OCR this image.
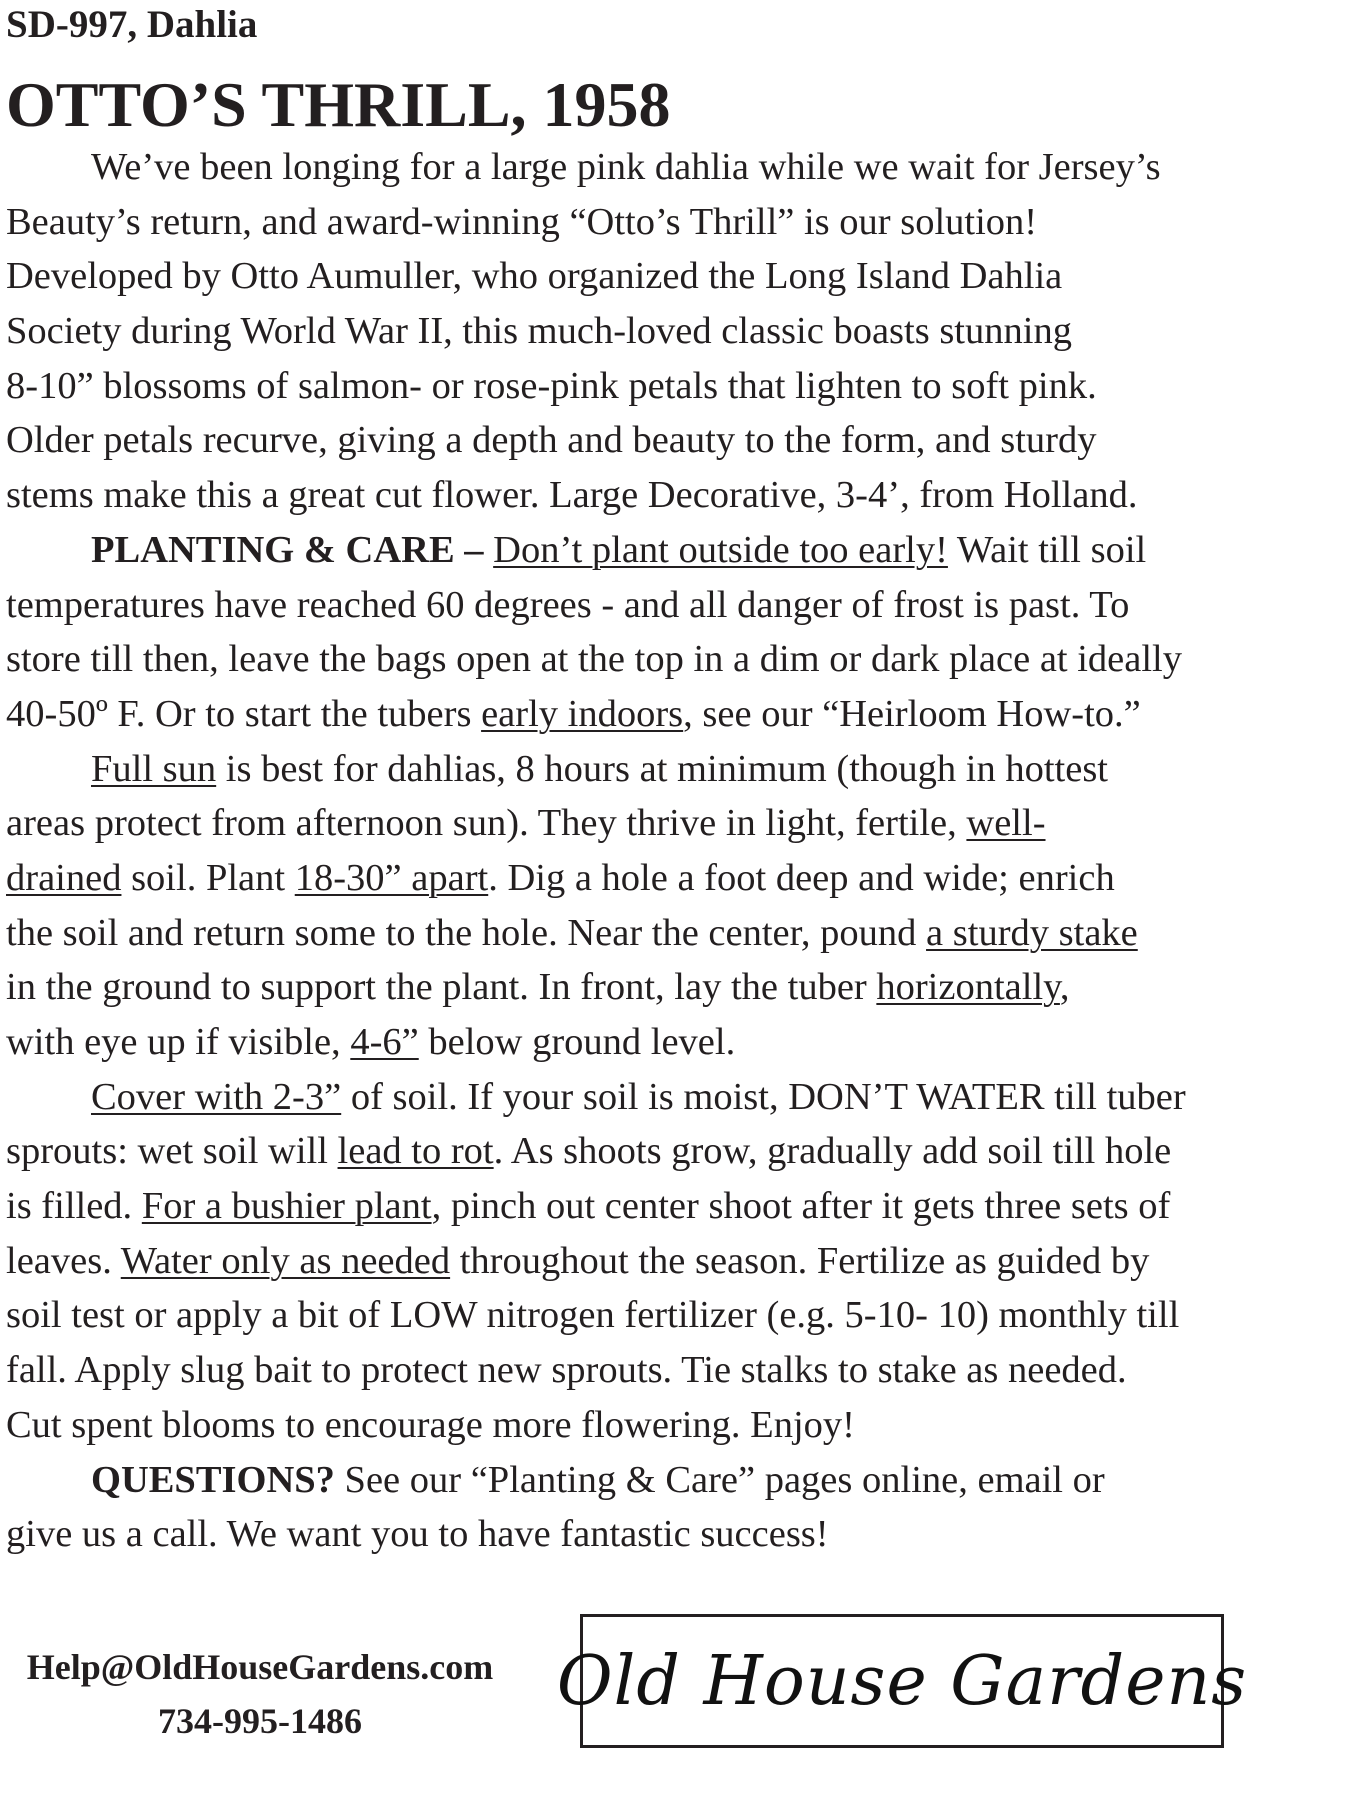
SD-997, Dahlia
OTTO’S THRILL, 1958
We’ve been longing for a large pink dahlia while we wait for Jersey’s
Beauty’s return, and award-winning “Otto’s Thrill” is our solution!
Developed by Otto Aumuller, who organized the Long Island Dahlia
Society during World War II, this much-loved classic boasts stunning
8-10” blossoms of salmon- or rose-pink petals that lighten to soft pink.
Older petals recurve, giving a depth and beauty to the form, and sturdy
stems make this a great cut flower. Large Decorative, 3-4’, from Holland.
PLANTING & CARE – Don’t plant outside too early! Wait till soil
temperatures have reached 60 degrees - and all danger of frost is past. To
store till then, leave the bags open at the top in a dim or dark place at ideally
40-50º F. Or to start the tubers early indoors, see our “Heirloom How-to.”
Full sun is best for dahlias, 8 hours at minimum (though in hottest
areas protect from afternoon sun). They thrive in light, fertile, well-
drained soil. Plant 18-30” apart. Dig a hole a foot deep and wide; enrich
the soil and return some to the hole. Near the center, pound a sturdy stake
in the ground to support the plant. In front, lay the tuber horizontally,
with eye up if visible, 4-6” below ground level.
Cover with 2-3” of soil. If your soil is moist, DON’T WATER till tuber
sprouts: wet soil will lead to rot. As shoots grow, gradually add soil till hole
is filled. For a bushier plant, pinch out center shoot after it gets three sets of
leaves. Water only as needed throughout the season. Fertilize as guided by
soil test or apply a bit of LOW nitrogen fertilizer (e.g. 5-10- 10) monthly till
fall. Apply slug bait to protect new sprouts. Tie stalks to stake as needed.
Cut spent blooms to encourage more flowering. Enjoy!
QUESTIONS? See our “Planting & Care” pages online, email or
give us a call. We want you to have fantastic success!
Help@OldHouseGardens.com
734-995-1486
Old House Gardens
